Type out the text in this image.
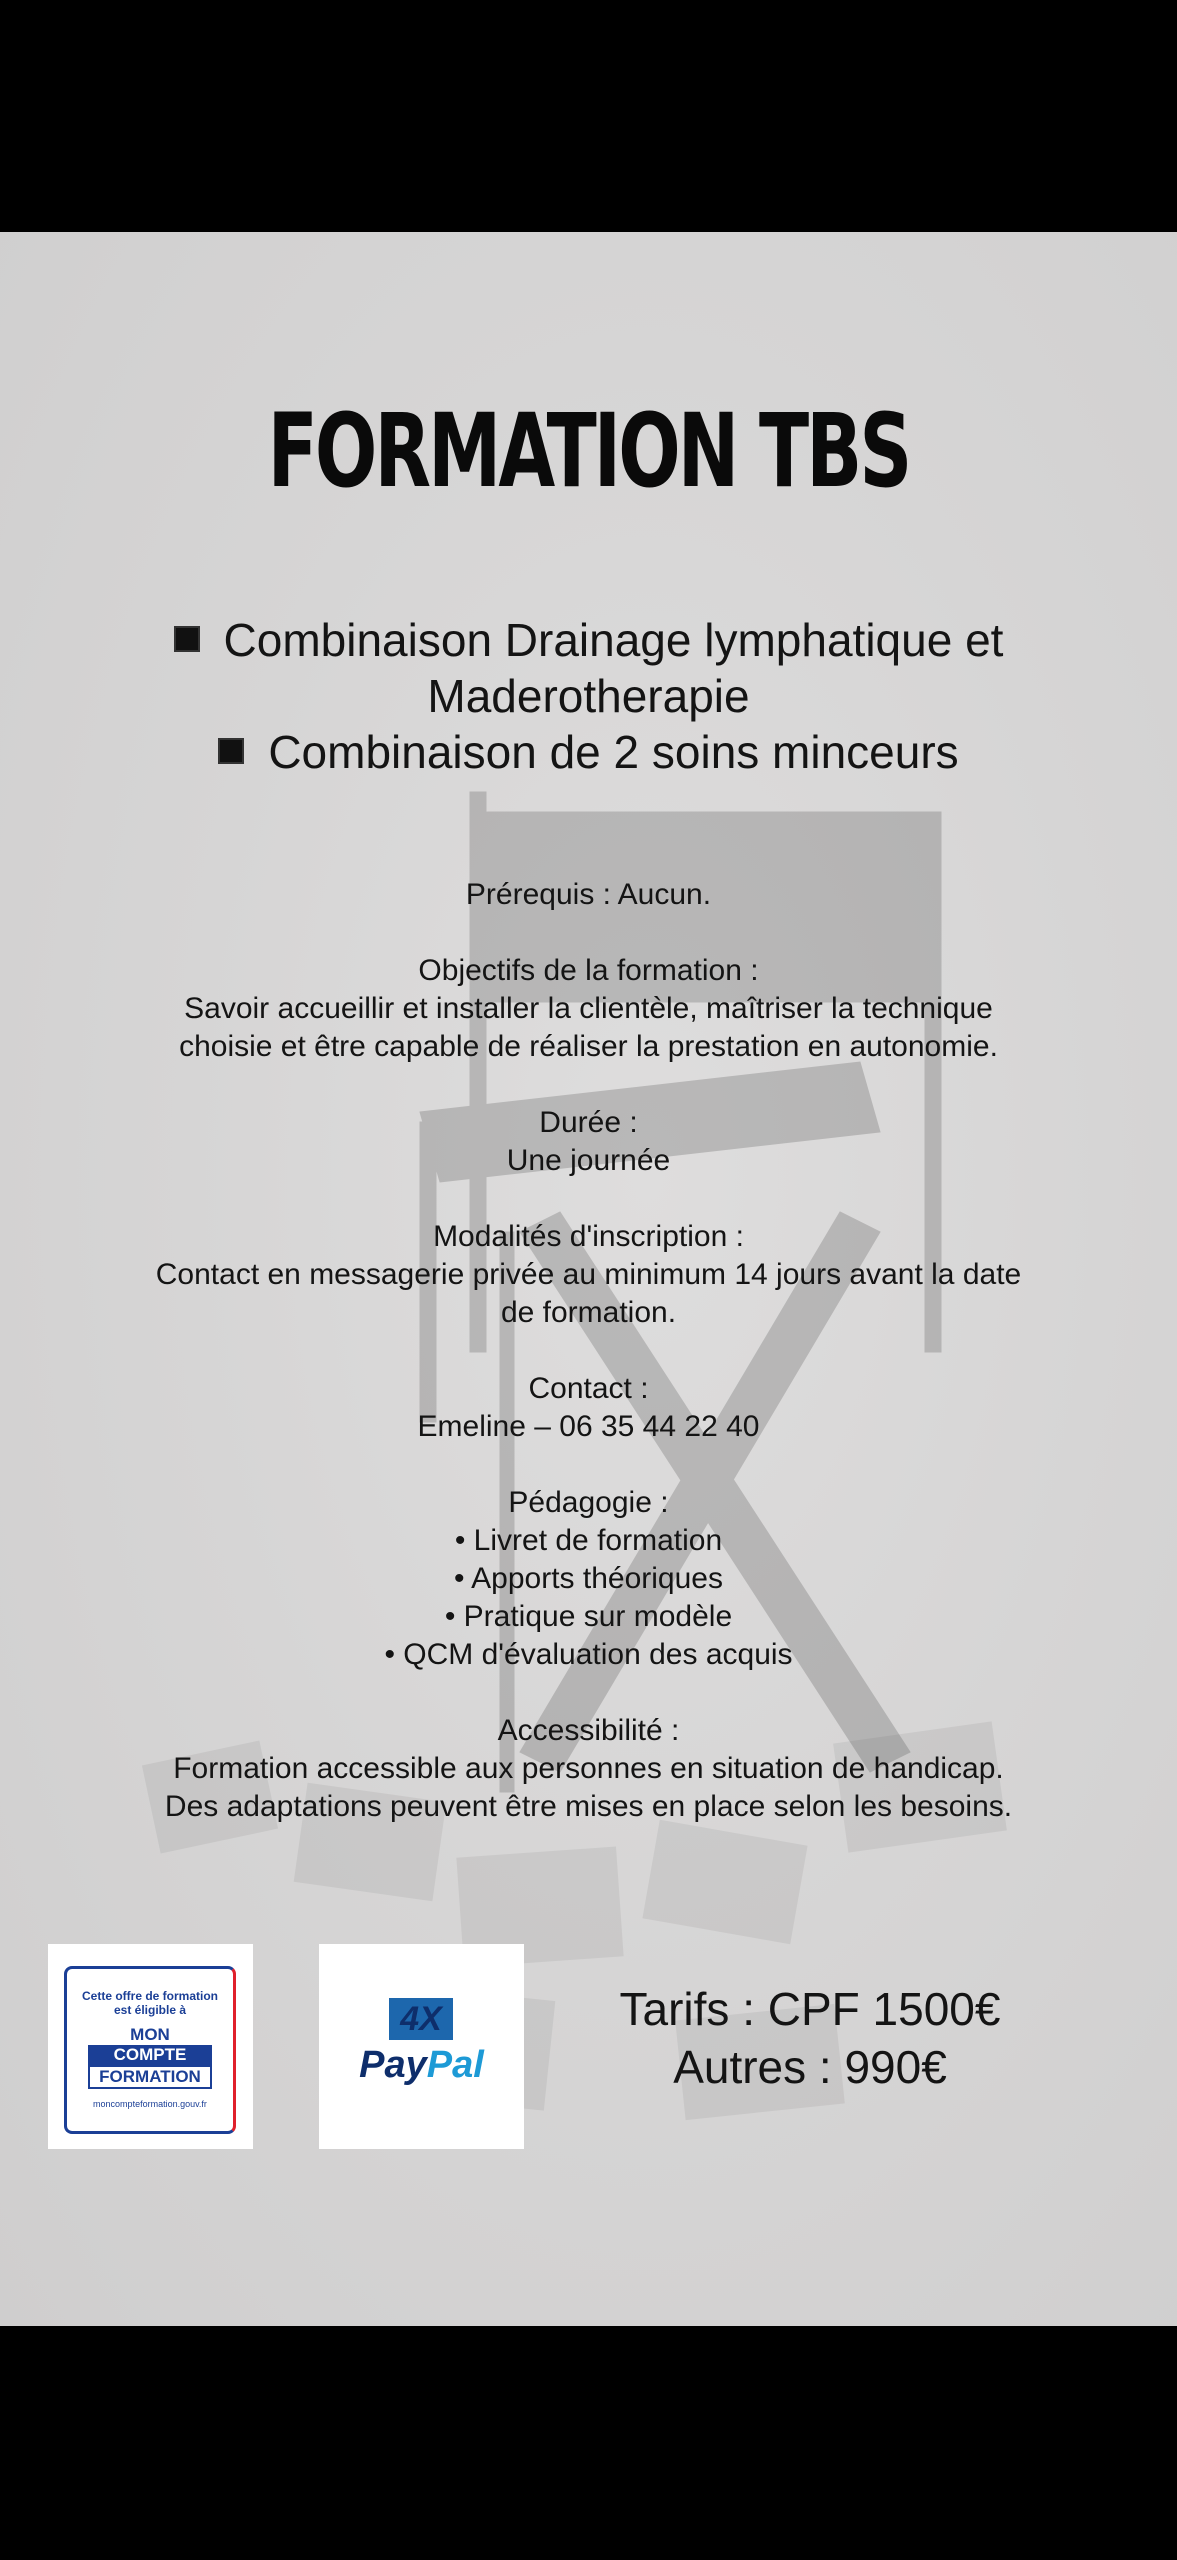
FORMATION TBS
Combinaison Drainage lymphatique et
Maderotherapie
Combinaison de 2 soins minceurs
Prérequis : Aucun.
Objectifs de la formation :
Savoir accueillir et installer la clientèle, maîtriser la technique
choisie et être capable de réaliser la prestation en autonomie.
Durée :
Une journée
Modalités d'inscription :
Contact en messagerie privée au minimum 14 jours avant la date
de formation.
Contact :
Emeline – 06 35 44 22 40
Pédagogie :
• Livret de formation
• Apports théoriques
• Pratique sur modèle
• QCM d'évaluation des acquis
Accessibilité :
Formation accessible aux personnes en situation de handicap.
Des adaptations peuvent être mises en place selon les besoins.
Cette offre de formation
est éligible à
MON
COMPTE
FORMATION
moncompteformation.gouv.fr
4X
PayPal
Tarifs : CPF 1500€
Autres : 990€
